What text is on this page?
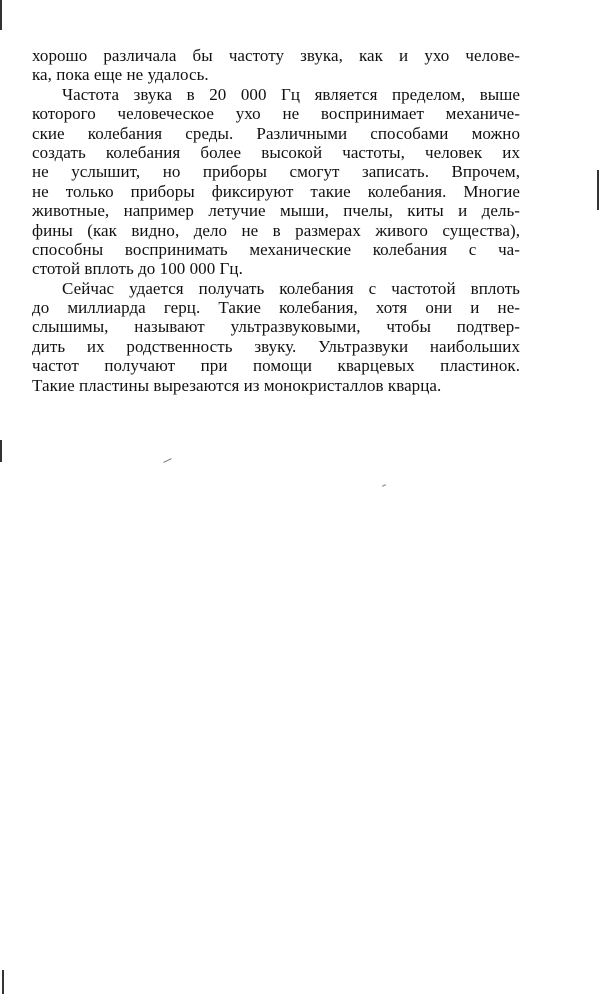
хорошо различала бы частоту звука, как и ухо челове-
ка, пока еще не удалось.
Частота звука в 20 000 Гц является пределом, выше
которого человеческое ухо не воспринимает механиче-
ские колебания среды. Различными способами можно
создать колебания более высокой частоты, человек их
не услышит, но приборы смогут записать. Впрочем,
не только приборы фиксируют такие колебания. Многие
животные, например летучие мыши, пчелы, киты и дель-
фины (как видно, дело не в размерах живого существа),
способны воспринимать механические колебания с ча-
стотой вплоть до 100 000 Гц.
Сейчас удается получать колебания с частотой вплоть
до миллиарда герц. Такие колебания, хотя они и не-
слышимы, называют ультразвуковыми, чтобы подтвер-
дить их родственность звуку. Ультразвуки наибольших
частот получают при помощи кварцевых пластинок.
Такие пластины вырезаются из монокристаллов кварца.
